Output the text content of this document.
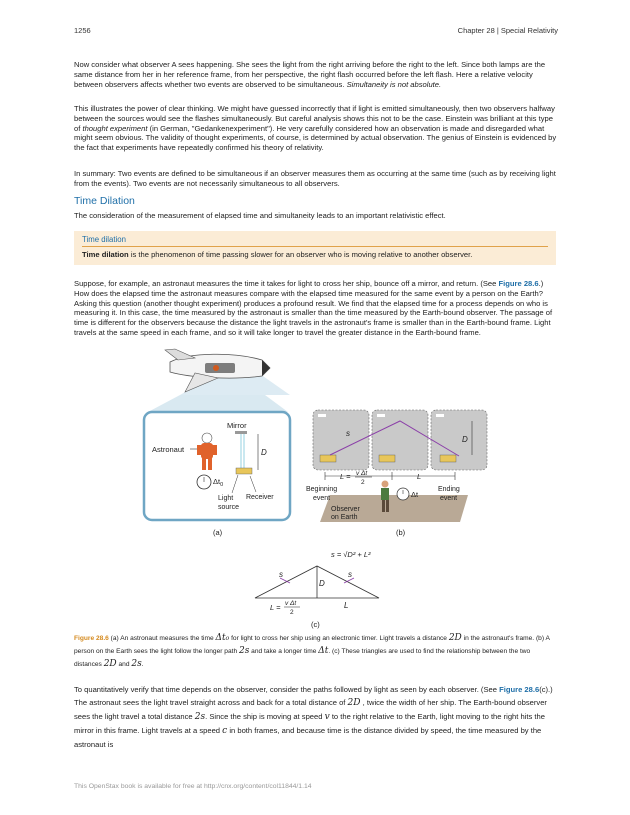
1256	Chapter 28 | Special Relativity

Now consider what observer A sees happening. She sees the light from the right arriving before the right to the left. Since both lamps are the same distance from her in her reference frame, from her perspective, the right flash occurred before the left flash. Here a relative velocity between observers affects whether two events are observed to be simultaneous. Simultaneity is not absolute.

This illustrates the power of clear thinking. We might have guessed incorrectly that if light is emitted simultaneously, then two observers halfway between the sources would see the flashes simultaneously. But careful analysis shows this not to be the case. Einstein was brilliant at this type of thought experiment (in German, "Gedankenexperiment"). He very carefully considered how an observation is made and disregarded what might seem obvious. The validity of thought experiments, of course, is determined by actual observation. The genius of Einstein is evidenced by the fact that experiments have repeatedly confirmed his theory of relativity.

In summary: Two events are defined to be simultaneous if an observer measures them as occurring at the same time (such as by receiving light from the events). Two events are not necessarily simultaneous to all observers.

Time Dilation

The consideration of the measurement of elapsed time and simultaneity leads to an important relativistic effect.

Time dilation
Time dilation is the phenomenon of time passing slower for an observer who is moving relative to another observer.

Suppose, for example, an astronaut measures the time it takes for light to cross her ship, bounce off a mirror, and return. (See Figure 28.6.) How does the elapsed time the astronaut measures compare with the elapsed time measured for the same event by a person on the Earth? Asking this question (another thought experiment) produces a profound result. We find that the elapsed time for a process depends on who is measuring it. In this case, the time measured by the astronaut is smaller than the time measured by the Earth-bound observer. The passage of time is different for the observers because the distance the light travels in the astronaut's frame is smaller than in the Earth-bound frame. Light travels at the same speed in each frame, and so it will take longer to travel the greater distance in the Earth-bound frame.

Mirror
D
Astronaut
$\Delta t_0$
Light
source
Receiver
(a)
s
D
L = v Δt
2
L
Beginning
event
Ending
event
Δt
Observer
on Earth
(b)
s = √D² + L²
s	s
D
L = v Δt
2
L
(c)
Figure 28.6 (a) An astronaut measures the time Δt₀ for light to cross her ship using an electronic timer. Light travels a distance 2D in the astronaut's frame. (b) A person on the Earth sees the light follow the longer path 2s and take a longer time Δt. (c) These triangles are used to find the relationship between the two distances 2D and 2s.

To quantitatively verify that time depends on the observer, consider the paths followed by light as seen by each observer. (See Figure 28.6(c).) The astronaut sees the light travel straight across and back for a total distance of 2D , twice the width of her ship. The Earth-bound observer sees the light travel a total distance 2s. Since the ship is moving at speed v to the right relative to the Earth, light moving to the right hits the mirror in this frame. Light travels at a speed c in both frames, and because time is the distance divided by speed, the time measured by the astronaut is

This OpenStax book is available for free at http://cnx.org/content/col11844/1.14
